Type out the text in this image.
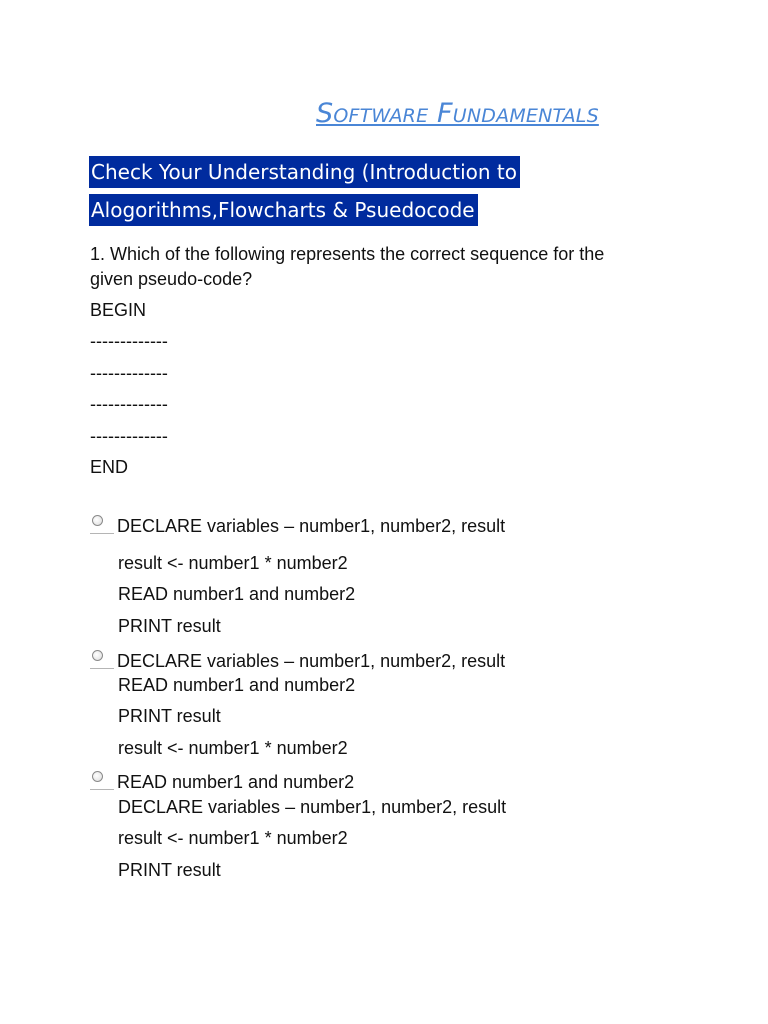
Software Fundamentals
Check Your Understanding (Introduction to
Alogorithms,Flowcharts & Psuedocode
1. Which of the following represents the correct sequence for the
given pseudo-code?
BEGIN
-------------
-------------
-------------
-------------
END
DECLARE variables – number1, number2, result
result <- number1 * number2
READ number1 and number2
PRINT result
DECLARE variables – number1, number2, result
READ number1 and number2
PRINT result
result <- number1 * number2
READ number1 and number2
DECLARE variables – number1, number2, result
result <- number1 * number2
PRINT result
